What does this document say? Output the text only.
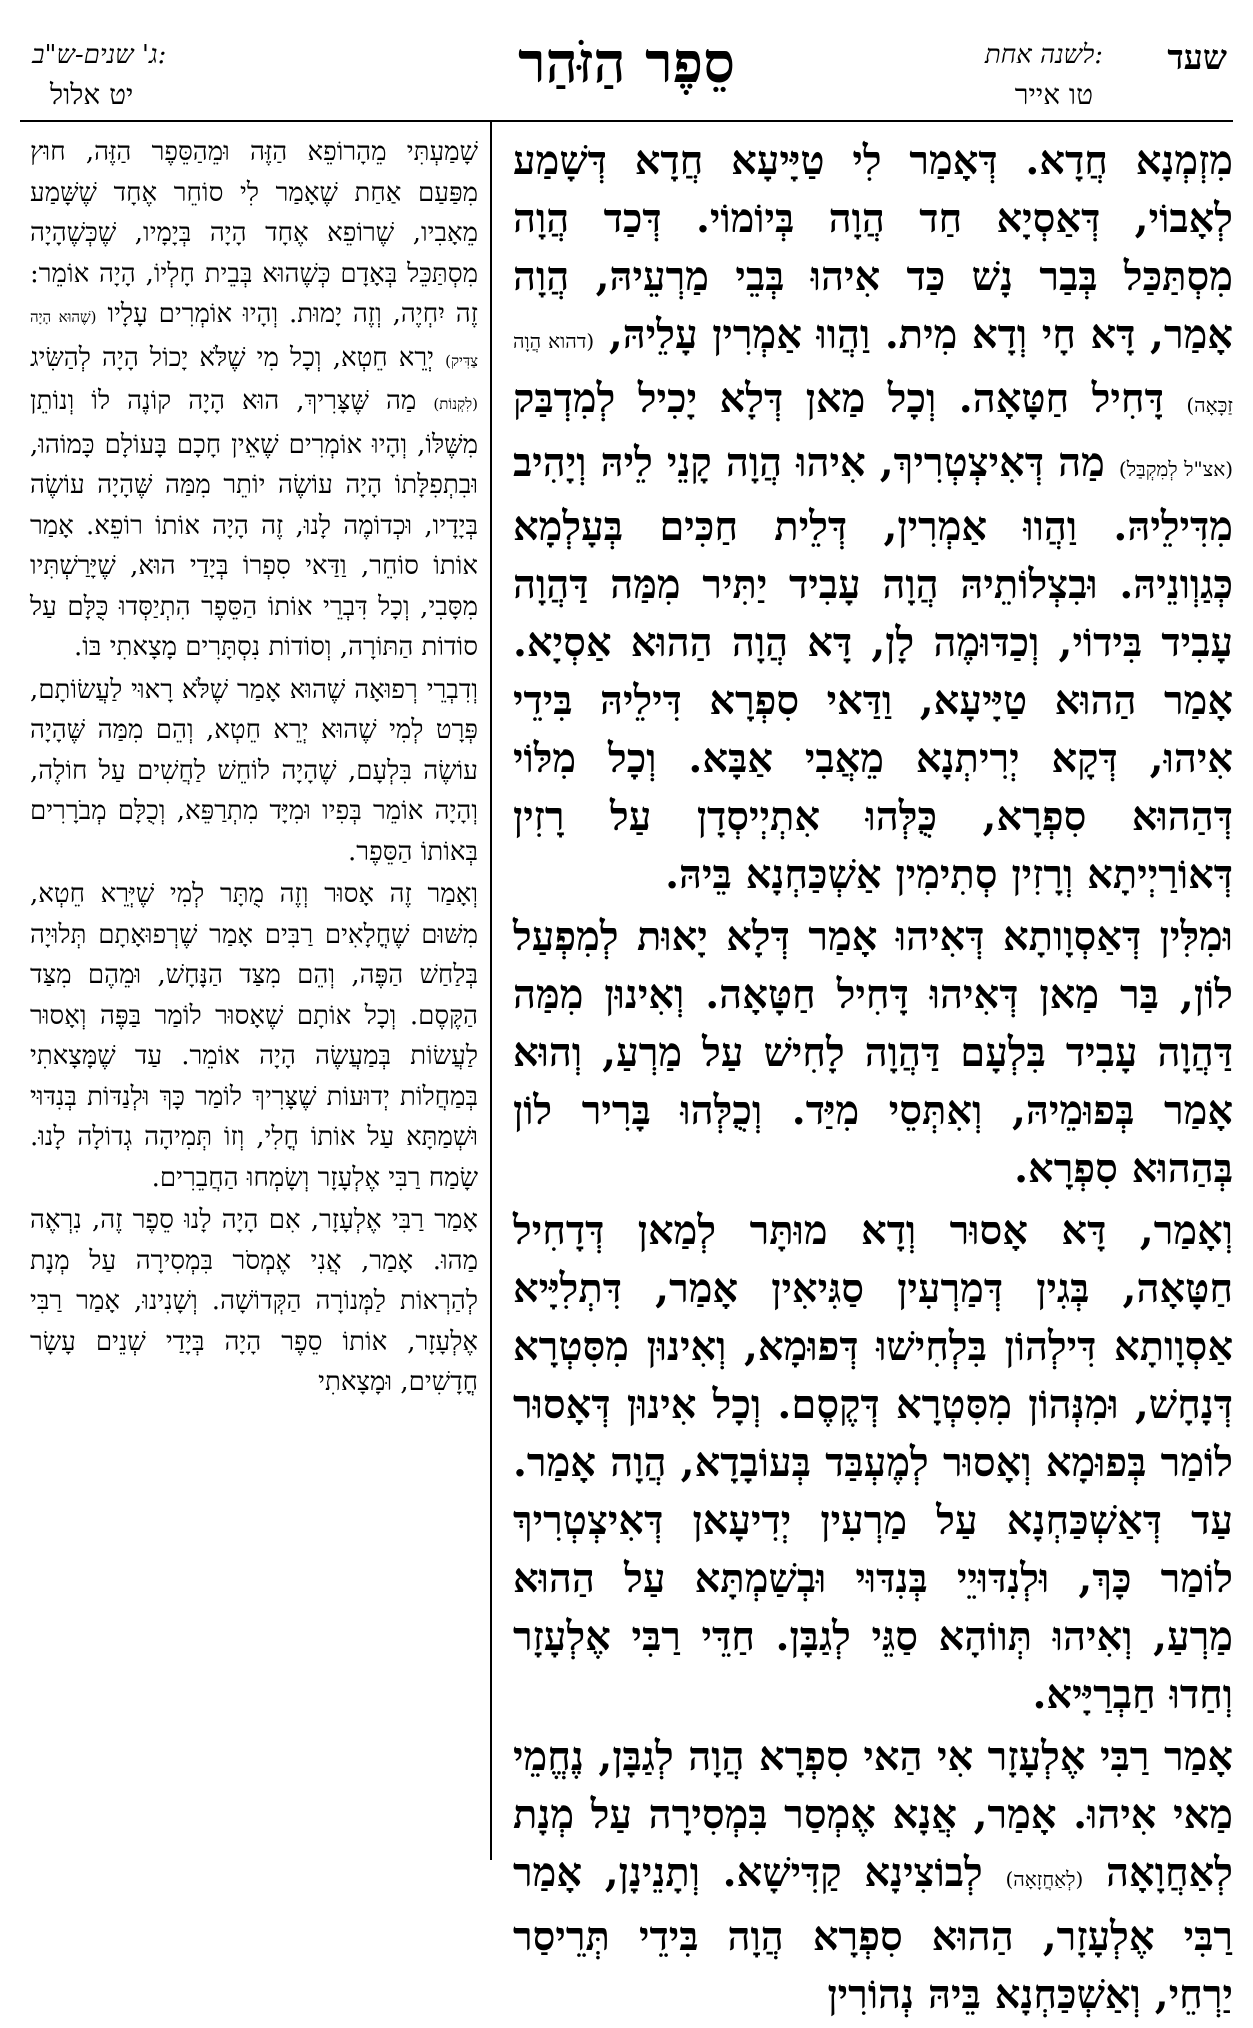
שעד
לשנה אחת:
טו אייר
סֵפֶר הַזֹּהַר
ג' שנים-ש"ב:
יט אלול

מִזְמְנָא חֲדָא. דְּאָמַר לִי טַיָּיעָא חֲדָא דְּשָׁמַע לְאָבוֹי, דְּאַסְיָא חַד הֲוָה בְּיוֹמוֹי. דְּכַד הֲוָה מִסְתַּכַּל בְּבַר נָשׁ כַּד אִיהוּ בְּבֵי מַרְעֵיהּ, הֲוָה אָמַר, דָּא חָי וְדָא מִית. וַהֲווּ אַמְרִין עָלֵיהּ, (דהוא הֲוָה זַכָּאָה) דָּחִיל חַטָּאָה. וְכָל מַאן דְּלָא יָכִיל לְמִדְבַּק (אצ"ל לְמִקְבַּל) מַה דְּאִיצְטְרִיךְ, אִיהוּ הֲוָה קָנֵי לֵיהּ וְיָהִיב מִדִּילֵיהּ. וַהֲווּ אַמְרִין, דְּלֵית חַכִּים בְּעָלְמָא כְּגַוְונֵיהּ. וּבִצְלוֹתֵיהּ הֲוָה עָבִיד יַתִּיר מִמַּה דַּהֲוָה עָבִיד בִּידוֹי, וְכַדּוּמֶה לָן, דָּא הֲוָה הַהוּא אַסְיָא. אָמַר הַהוּא טַיָּיעָא, וַדַּאי סִפְרָא דִּילֵיהּ בִּידֵי אִיהוּ, דְּקָא יְרִיתְנָא מֵאֲבִי אַבָּא. וְכָל מִלּוֹי דְּהַהוּא סִפְרָא, כֻּלְּהוּ אִתְיְיסְדָן עַל רָזִין דְּאוֹרַיְיתָא וְרָזִין סְתִימִין אַשְׁכַּחְנָא בֵּיהּ.

וּמִלִּין דְּאַסְוָותָא דְּאִיהוּ אָמַר דְּלָא יָאוּת לְמִפְעַל לוֹן, בַּר מַאן דְּאִיהוּ דָּחִיל חַטָּאָה. וְאִינוּן מִמַּה דַּהֲוָה עָבִיד בִּלְעָם דַּהֲוָה לָחִישׁ עַל מַרְעַ, וְהוּא אָמַר בְּפוּמֵיהּ, וְאִתְּסֵי מִיַּד. וְכֻלְּהוּ בָּרִיר לוֹן בְּהַהוּא סִפְרָא.

וְאָמַר, דָּא אָסוּר וְדָא מוּתָּר לְמַאן דְּדָחִיל חַטָּאָה, בְּגִין דְּמַרְעִין סַגִּיאִין אָמַר, דִּתְלִיָּיא אַסְוָותָא דִּילְהוֹן בִּלְחִישׁוּ דְּפוּמָא, וְאִינוּן מִסִּטְרָא דְּנָחָשׁ, וּמִנְּהוֹן מִסִּטְרָא דְּקֶסֶם. וְכָל אִינוּן דְּאָסוּר לוֹמַר בְּפוּמָא וְאָסוּר לְמֶעְבַּד בְּעוֹבָדָא, הֲוָה אָמַר. עַד דְּאַשְׁכַּחְנָא עַל מַרְעִין יְדִיעָאן דְּאִיצְטְרִיךְ לוֹמַר כָּךְ, וּלְנִדּוּיֵי בְּנִדּוּי וּבְשַׁמְתָּא עַל הַהוּא מַרְעַ, וְאִיהוּ תְּווֹהָא סַגֵּי לְגַבָּן. חַדֵּי רַבִּי אֶלְעָזָר וְחַדוּ חַבְרַיָּיא.

אָמַר רַבִּי אֶלְעָזָר אִי הַאי סִפְרָא הֲוָה לְגַבָּן, נֶחֱמֵי מַאי אִיהוּ. אָמַר, אֲנָא אֶמְסַר בִּמְסִירָה עַל מְנָת לְאַחֲוָאָה (לְאַחֲזָאָה) לְבוֹצִינָא קַדִּישָׁא. וְתָנֵינָן, אָמַר רַבִּי אֶלְעָזָר, הַהוּא סִפְרָא הֲוָה בִּידֵי תְּרֵיסַר יַרְחֵי, וְאַשְׁכַּחְנָא בֵּיהּ נְהוֹרִין

שָׁמַעְתִּי מֵהָרוֹפֵא הַזֶּה וּמֵהַסֵּפֶר הַזֶּה, חוּץ מִפַּעַם אַחַת שֶׁאָמַר לִי סוֹחֵר אֶחָד שֶׁשָּׁמַע מֵאָבִיו, שֶׁרוֹפֵא אֶחָד הָיָה בְּיָמָיו, שֶׁכְּשֶׁהָיָה מִסְתַּכֵּל בְּאָדָם כְּשֶׁהוּא בְּבֵית חָלְיוֹ, הָיָה אוֹמֵר: זֶה יִחְיֶה, וְזֶה יָמוּת. וְהָיוּ אוֹמְרִים עָלָיו (שֶׁהוּא הָיָה צַדִּיק) יְרֵא חֵטְא, וְכָל מִי שֶׁלֹּא יָכוֹל הָיָה לְהַשִּׂיג (לִקְנוֹת) מַה שֶּׁצָּרִיךְ, הוּא הָיָה קוֹנֶה לוֹ וְנוֹתֵן מִשֶּׁלּוֹ, וְהָיוּ אוֹמְרִים שֶׁאֵין חָכָם בָּעוֹלָם כָּמוֹהוּ, וּבִתְפִלָּתוֹ הָיָה עוֹשֶׂה יוֹתֵר מִמַּה שֶּׁהָיָה עוֹשֶׂה בְּיָדָיו, וּכְדוֹמֶה לָנוּ, זֶה הָיָה אוֹתוֹ רוֹפֵא. אָמַר אוֹתוֹ סוֹחֵר, וַדַּאי סִפְרוֹ בְּיָדַי הוּא, שֶׁיָּרַשְׁתִּיו מִסָּבִי, וְכָל דִּבְרֵי אוֹתוֹ הַסֵּפֶר הִתְיַסְּדוּ כֻּלָּם עַל סוֹדוֹת הַתּוֹרָה, וְסוֹדוֹת נִסְתָּרִים מָצָאתִי בּוֹ.

וְדִבְרֵי רְפוּאָה שֶׁהוּא אָמַר שֶׁלֹּא רָאוּי לַעֲשׂוֹתָם, פְּרָט לְמִי שֶׁהוּא יְרֵא חֵטְא, וְהֵם מִמַּה שֶּׁהָיָה עוֹשֶׂה בִּלְעָם, שֶׁהָיָה לוֹחֵשׁ לַחֲשִׁים עַל חוֹלֶה, וְהָיָה אוֹמֵר בְּפִיו וּמִיָּד מִתְרַפֵּא, וְכֻלָּם מְבֹרָרִים בְּאוֹתוֹ הַסֵּפֶר.

וְאָמַר זֶה אָסוּר וְזֶה מֻתָּר לְמִי שֶׁיְּרֵא חֵטְא, מִשּׁוּם שֶׁחֳלָאִים רַבִּים אָמַר שֶׁרְפוּאָתָם תְּלוּיָה בְּלַחַשׁ הַפֶּה, וְהֵם מִצַּד הַנָּחָשׁ, וּמֵהֶם מִצַּד הַקֶּסֶם. וְכָל אוֹתָם שֶׁאָסוּר לוֹמַר בַּפֶּה וְאָסוּר לַעֲשׂוֹת בְּמַעֲשֶׂה הָיָה אוֹמֵר. עַד שֶׁמָּצָאתִי בְּמַחֲלוֹת יְדוּעוֹת שֶׁצָּרִיךְ לוֹמַר כָּךְ וּלְנַדּוֹת בְּנִדּוּי וּשְׁמַתָּא עַל אוֹתוֹ חֳלִי, וְזוֹ תְּמִיהָה גְדוֹלָה לָנוּ. שָׂמַח רַבִּי אֶלְעָזָר וְשָׂמְחוּ הַחֲבֵרִים.

אָמַר רַבִּי אֶלְעָזָר, אִם הָיָה לָנוּ סֵפֶר זֶה, נִרְאֶה מַהוּ. אָמַר, אֲנִי אֶמְסֹר בִּמְסִירָה עַל מְנָת לְהַרְאוֹת לַמְּנוֹרָה הַקְּדוֹשָׁה. וְשָׁנִינוּ, אָמַר רַבִּי אֶלְעָזָר, אוֹתוֹ סֵפֶר הָיָה בְּיָדַי שְׁנֵים עָשָׂר חֳדָשִׁים, וּמָצָאתִי
